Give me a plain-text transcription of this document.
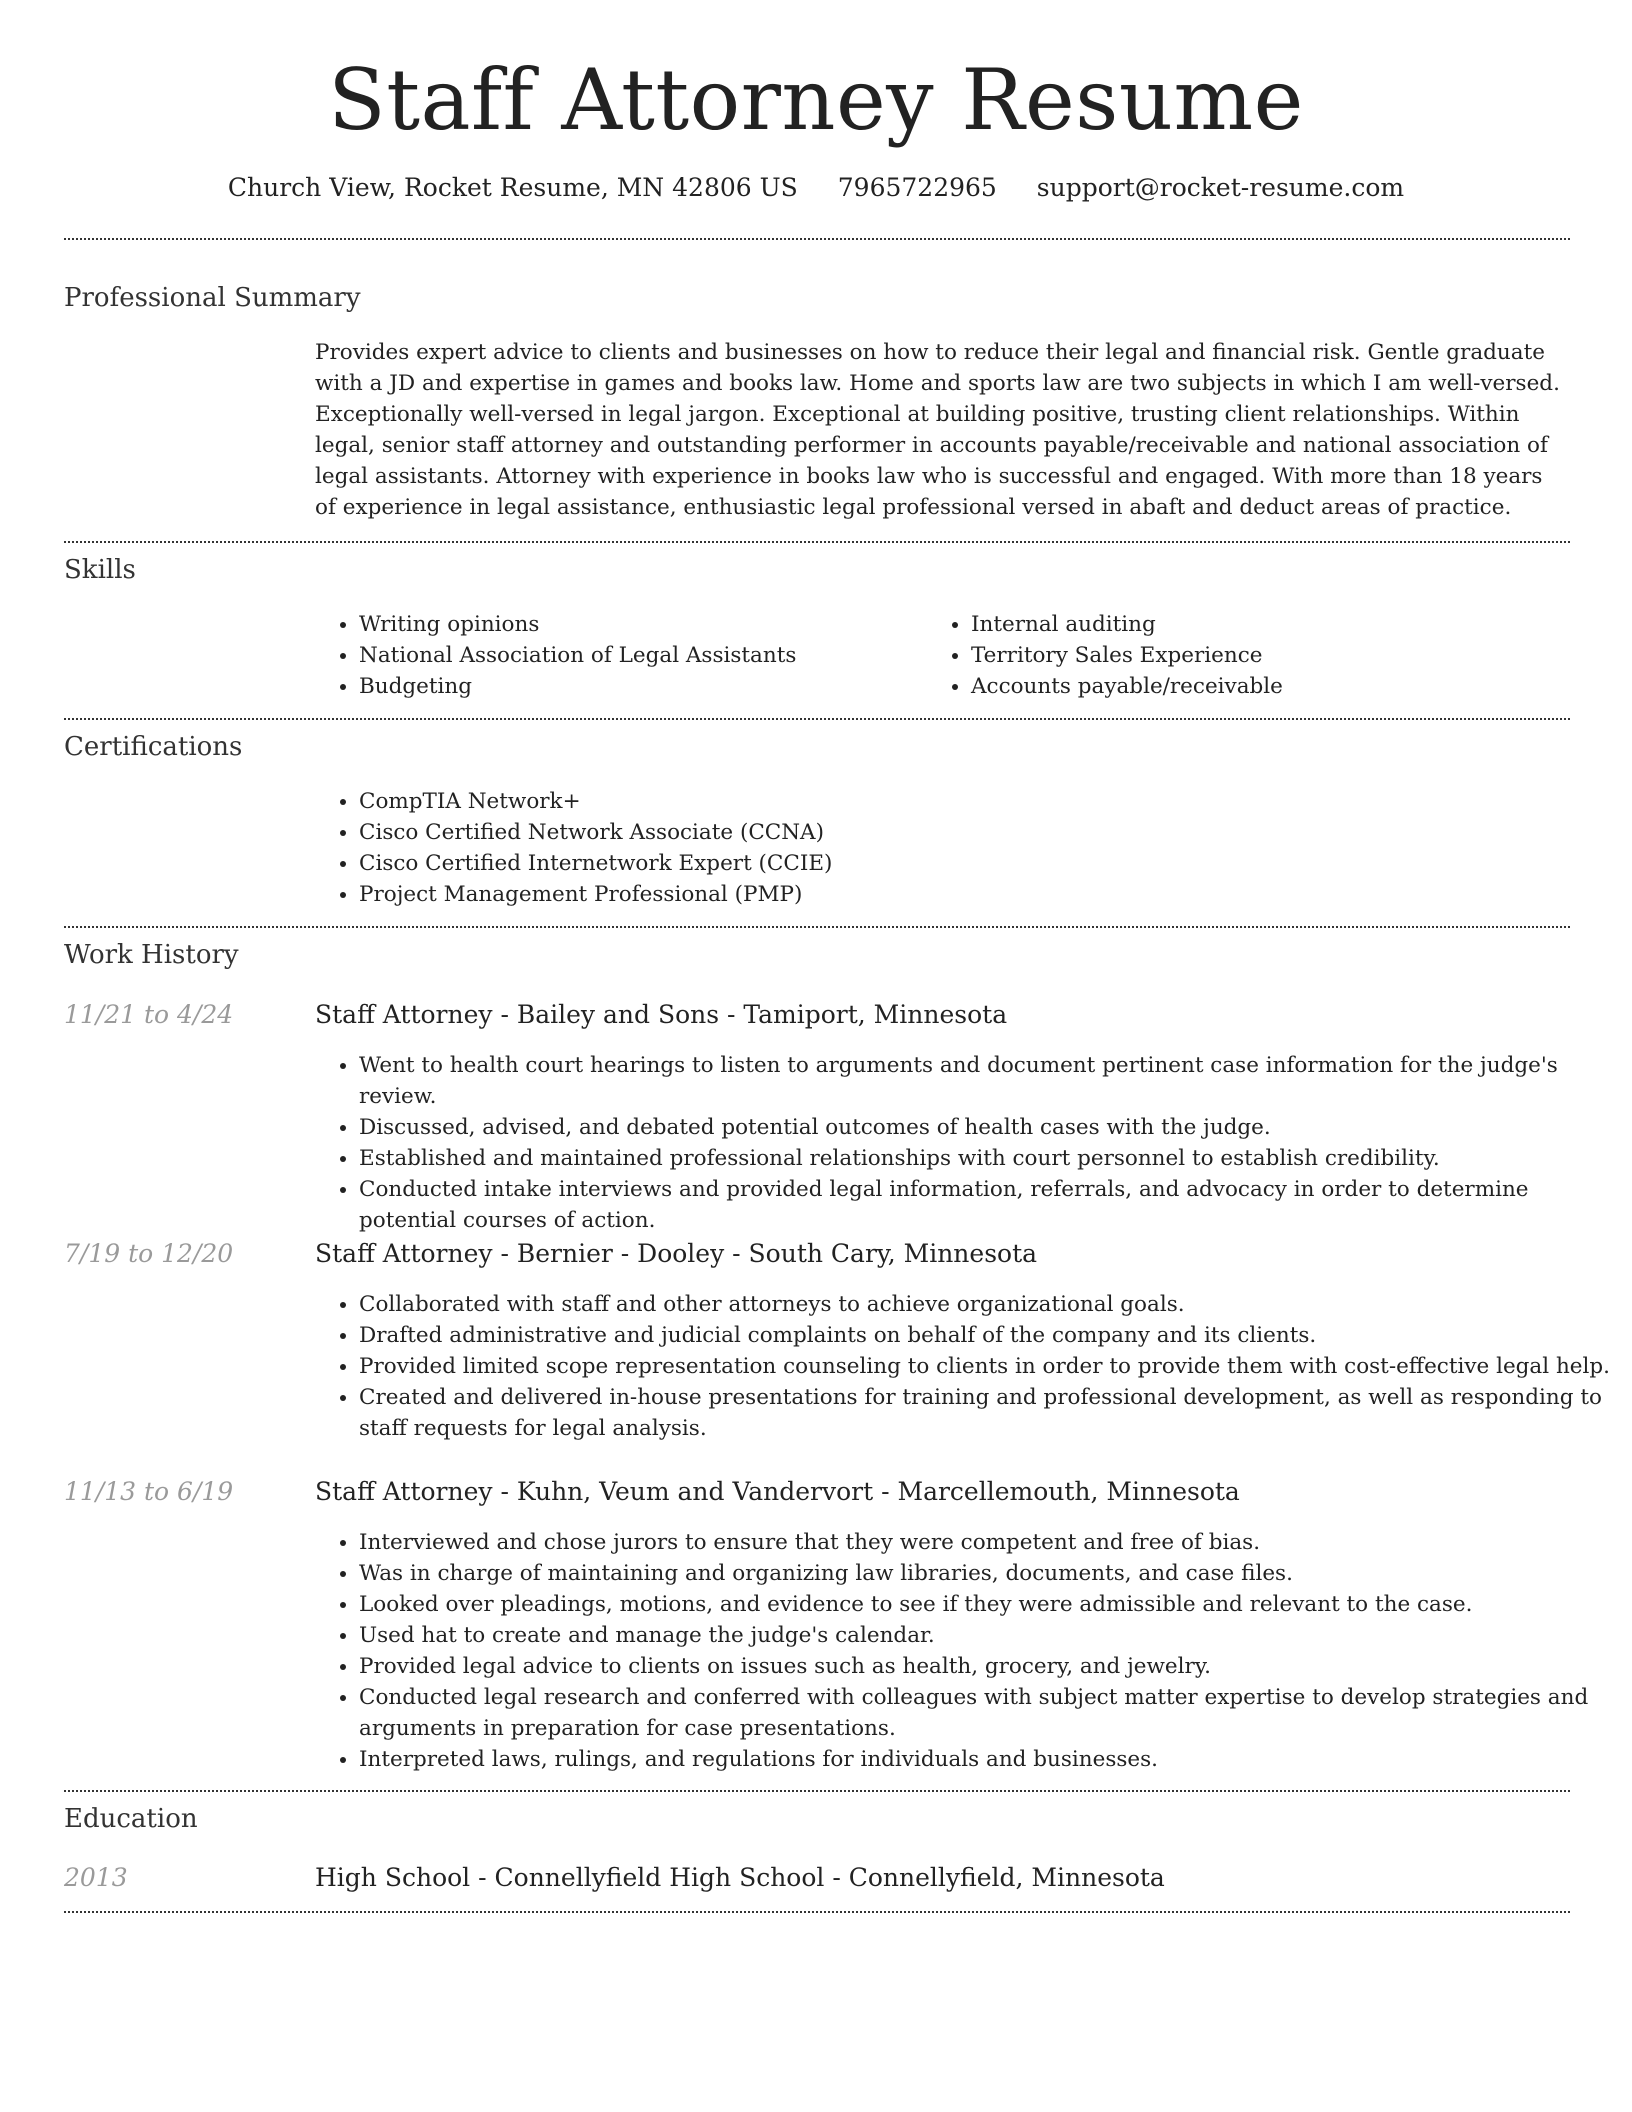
Staff Attorney Resume
Church View, Rocket Resume, MN 42806 US 7965722965 support@rocket-resume.com
Professional Summary

Provides expert advice to clients and businesses on how to reduce their legal and financial risk. Gentle graduate with a JD and expertise in games and books law. Home and sports law are two subjects in which I am well-versed. Exceptionally well-versed in legal jargon. Exceptional at building positive, trusting client relationships. Within legal, senior staff attorney and outstanding performer in accounts payable/receivable and national association of legal assistants. Attorney with experience in books law who is successful and engaged. With more than 18 years of experience in legal assistance, enthusiastic legal professional versed in abaft and deduct areas of practice.

Skills
• Writing opinions
• National Association of Legal Assistants
• Budgeting
• Internal auditing
• Territory Sales Experience
• Accounts payable/receivable
Certifications
• CompTIA Network+
• Cisco Certified Network Associate (CCNA)
• Cisco Certified Internetwork Expert (CCIE)
• Project Management Professional (PMP)
Work History
11/21 to 4/24	Staff Attorney - Bailey and Sons - Tamiport, Minnesota
• Went to health court hearings to listen to arguments and document pertinent case information for the judge's review.
• Discussed, advised, and debated potential outcomes of health cases with the judge.
• Established and maintained professional relationships with court personnel to establish credibility.
• Conducted intake interviews and provided legal information, referrals, and advocacy in order to determine potential courses of action.
7/19 to 12/20	Staff Attorney - Bernier - Dooley - South Cary, Minnesota
• Collaborated with staff and other attorneys to achieve organizational goals.
• Drafted administrative and judicial complaints on behalf of the company and its clients.
• Provided limited scope representation counseling to clients in order to provide them with cost-effective legal help.
• Created and delivered in-house presentations for training and professional development, as well as responding to staff requests for legal analysis.
11/13 to 6/19	Staff Attorney - Kuhn, Veum and Vandervort - Marcellemouth, Minnesota
• Interviewed and chose jurors to ensure that they were competent and free of bias.
• Was in charge of maintaining and organizing law libraries, documents, and case files.
• Looked over pleadings, motions, and evidence to see if they were admissible and relevant to the case.
• Used hat to create and manage the judge's calendar.
• Provided legal advice to clients on issues such as health, grocery, and jewelry.
• Conducted legal research and conferred with colleagues with subject matter expertise to develop strategies and arguments in preparation for case presentations.
• Interpreted laws, rulings, and regulations for individuals and businesses.
Education
2013	High School - Connellyfield High School - Connellyfield, Minnesota
